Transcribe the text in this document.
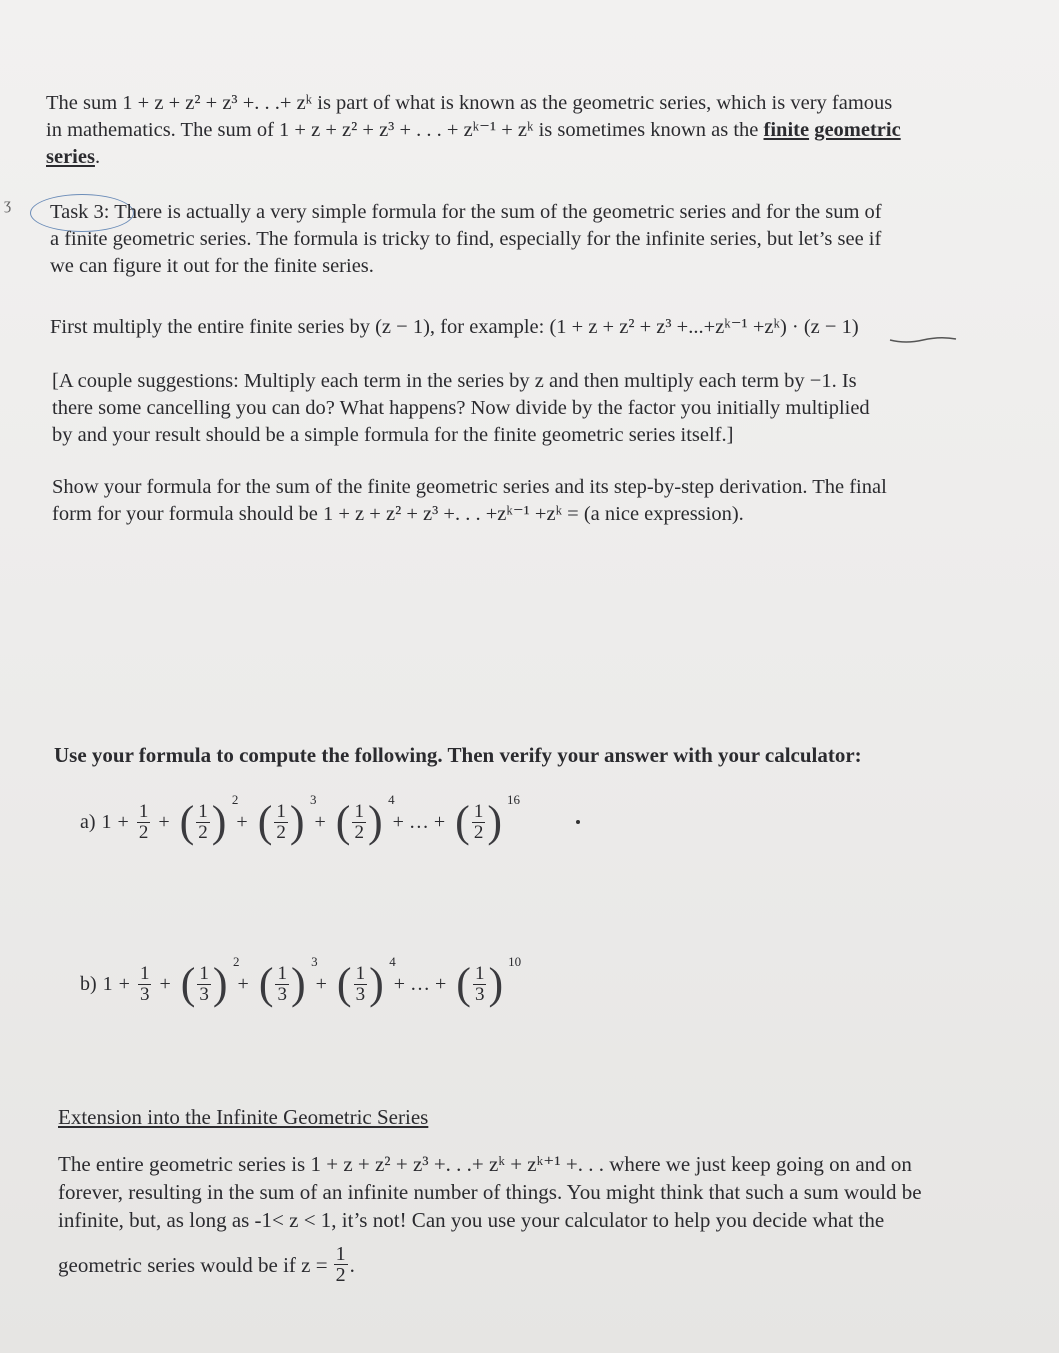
The sum 1 + z + z² + z³ +. . .+ zᵏ is part of what is known as the geometric series, which is very famous
in mathematics. The sum of 1 + z + z² + z³ + . . . + zᵏ⁻¹ + zᵏ is sometimes known as the finite geometric
series.
ʒ Task 3: There is actually a very simple formula for the sum of the geometric series and for the sum of
a finite geometric series. The formula is tricky to find, especially for the infinite series, but let’s see if
we can figure it out for the finite series.
First multiply the entire finite series by (z − 1), for example: (1 + z + z² + z³ +...+zᵏ⁻¹ +zᵏ) · (z − 1)
[A couple suggestions: Multiply each term in the series by z and then multiply each term by −1. Is
there some cancelling you can do? What happens? Now divide by the factor you initially multiplied
by and your result should be a simple formula for the finite geometric series itself.]
Show your formula for the sum of the finite geometric series and its step-by-step derivation. The final
form for your formula should be 1 + z + z² + z³ +. . . +zᵏ⁻¹ +zᵏ = (a nice expression).
Use your formula to compute the following. Then verify your answer with your calculator:
a) $1 + \frac{1}{2}$ + ( $\frac{1}{2}$ ) 2
+ ( $\frac{1}{2}$ ) 3
+ ( $\frac{1}{2}$ ) 4
+ … + ( $\frac{1}{2}$ ) 16
b) $1 + \frac{1}{3}$ + ( $\frac{1}{3}$ ) 2
+ ( $\frac{1}{3}$ ) 3
+ ( $\frac{1}{3}$ ) 4
+ … + ( $\frac{1}{3}$ ) 10
Extension into the Infinite Geometric Series
The entire geometric series is 1 + z + z² + z³ +. . .+ zᵏ + zᵏ⁺¹ +. . . where we just keep going on and on
forever, resulting in the sum of an infinite number of things. You might think that such a sum would be
infinite, but, as long as -1< z < 1, it’s not! Can you use your calculator to help you decide what the
geometric series would be if $z = \frac{1}{2}$ .
